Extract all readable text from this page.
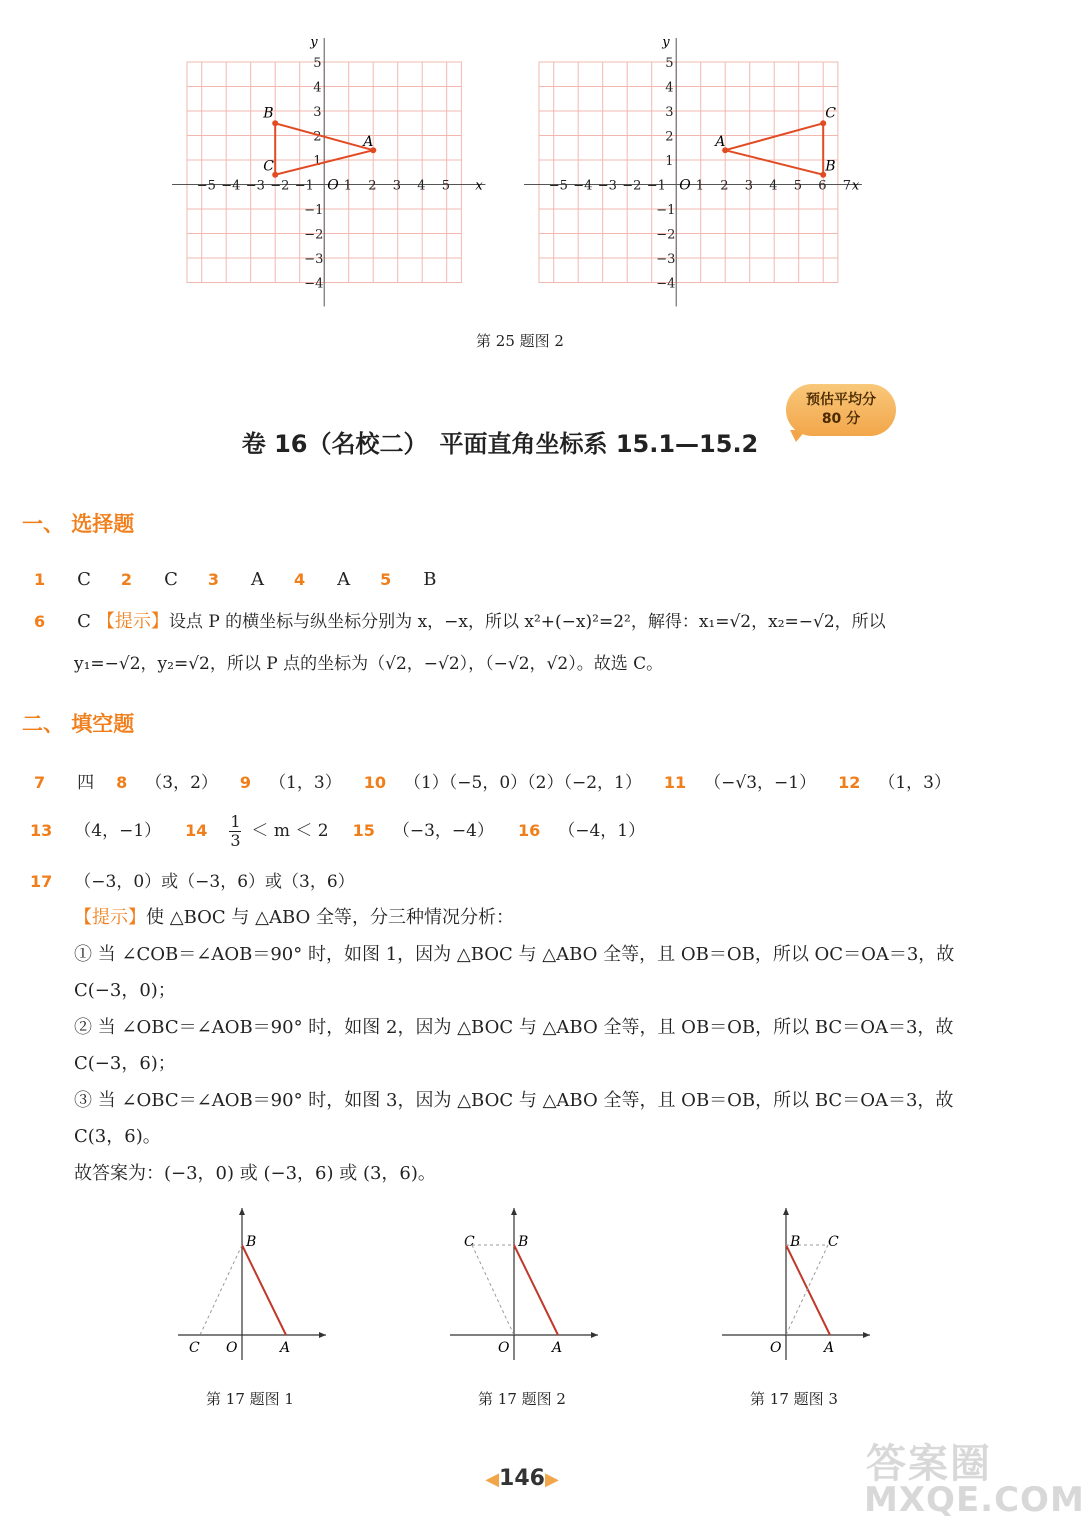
x
y
O
−5 −4 −3 −2 −1 1 2 3 4 5
5
4
3
2
1
−1
−2
−3
−4
A
B
C
x
y
O
−5 −4 −3 −2 −1 1 2 3 4 5 6 7
5
4
3
2
1
−1
−2
−3
−4
A
C
B
第 25 题图 2
预估平均分
80 分
卷 16（名校二）　平面直角坐标系 15.1—15.2
一、 选择题
1 C 2 C 3 A 4 A 5 B
6 C 【提示】 设点 P 的横坐标与纵坐标分别为 x，−x，所以 x²+(−x)²=2²，解得：x₁=√2，x₂=−√2，所以
y₁=−√2，y₂=√2，所以 P 点的坐标为（√2，−√2），（−√2，√2）。故选 C。
二、 填空题
7 四 8 （3，2） 9 （1，3） 10 （1）（−5，0）（2）（−2，1） 11 （−√3，−1） 12 （1，3）
13 （4，−1） $14 \frac{1}{3} < m < 2$ 15 （−3，−4） 16 （−4，1）
17 （−3，0）或（−3，6）或（3，6）
【提示】 使 △BOC 与 △ABO 全等，分三种情况分析：
① 当 ∠COB＝∠AOB＝90° 时，如图 1，因为 △BOC 与 △ABO 全等，且 OB＝OB，所以 OC＝OA＝3，故
C(−3，0)；
② 当 ∠OBC＝∠AOB＝90° 时，如图 2，因为 △BOC 与 △ABO 全等，且 OB＝OB，所以 BC＝OA＝3，故
C(−3，6)；
③ 当 ∠OBC＝∠AOB＝90° 时，如图 3，因为 △BOC 与 △ABO 全等，且 OB＝OB，所以 BC＝OA＝3，故
C(3，6)。
故答案为：(−3，0) 或 (−3，6) 或 (3，6)。
B
C O	A
第 17 题图 1
B
C
O	A
第 17 题图 2
B C
O	A
第 17 题图 3
◀146▶	答案圈
MXQE.COM
